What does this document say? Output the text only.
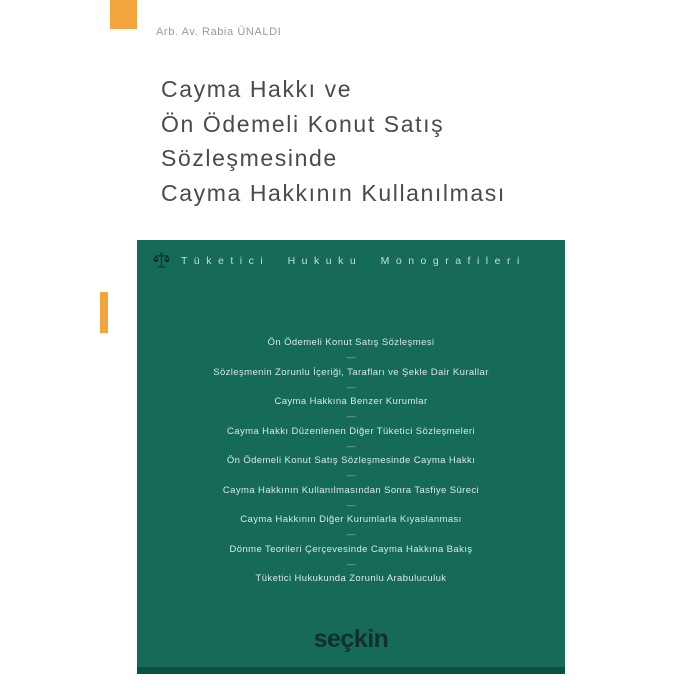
Arb. Av. Rabia ÜNALDI
Cayma Hakkı ve
Ön Ödemeli Konut Satış
Sözleşmesinde
Cayma Hakkının Kullanılması
Tüketici Hukuku Monografileri
Ön Ödemeli Konut Satış Sözleşmesi
—
Sözleşmenin Zorunlu İçeriği, Tarafları ve Şekle Dair Kurallar
—
Cayma Hakkına Benzer Kurumlar
—
Cayma Hakkı Düzenlenen Diğer Tüketici Sözleşmeleri
—
Ön Ödemeli Konut Satış Sözleşmesinde Cayma Hakkı
—
Cayma Hakkının Kullanılmasından Sonra Tasfiye Süreci
—
Cayma Hakkının Diğer Kurumlarla Kıyaslanması
—
Dönme Teorileri Çerçevesinde Cayma Hakkına Bakış
—
Tüketici Hukukunda Zorunlu Arabuluculuk
seçkin
